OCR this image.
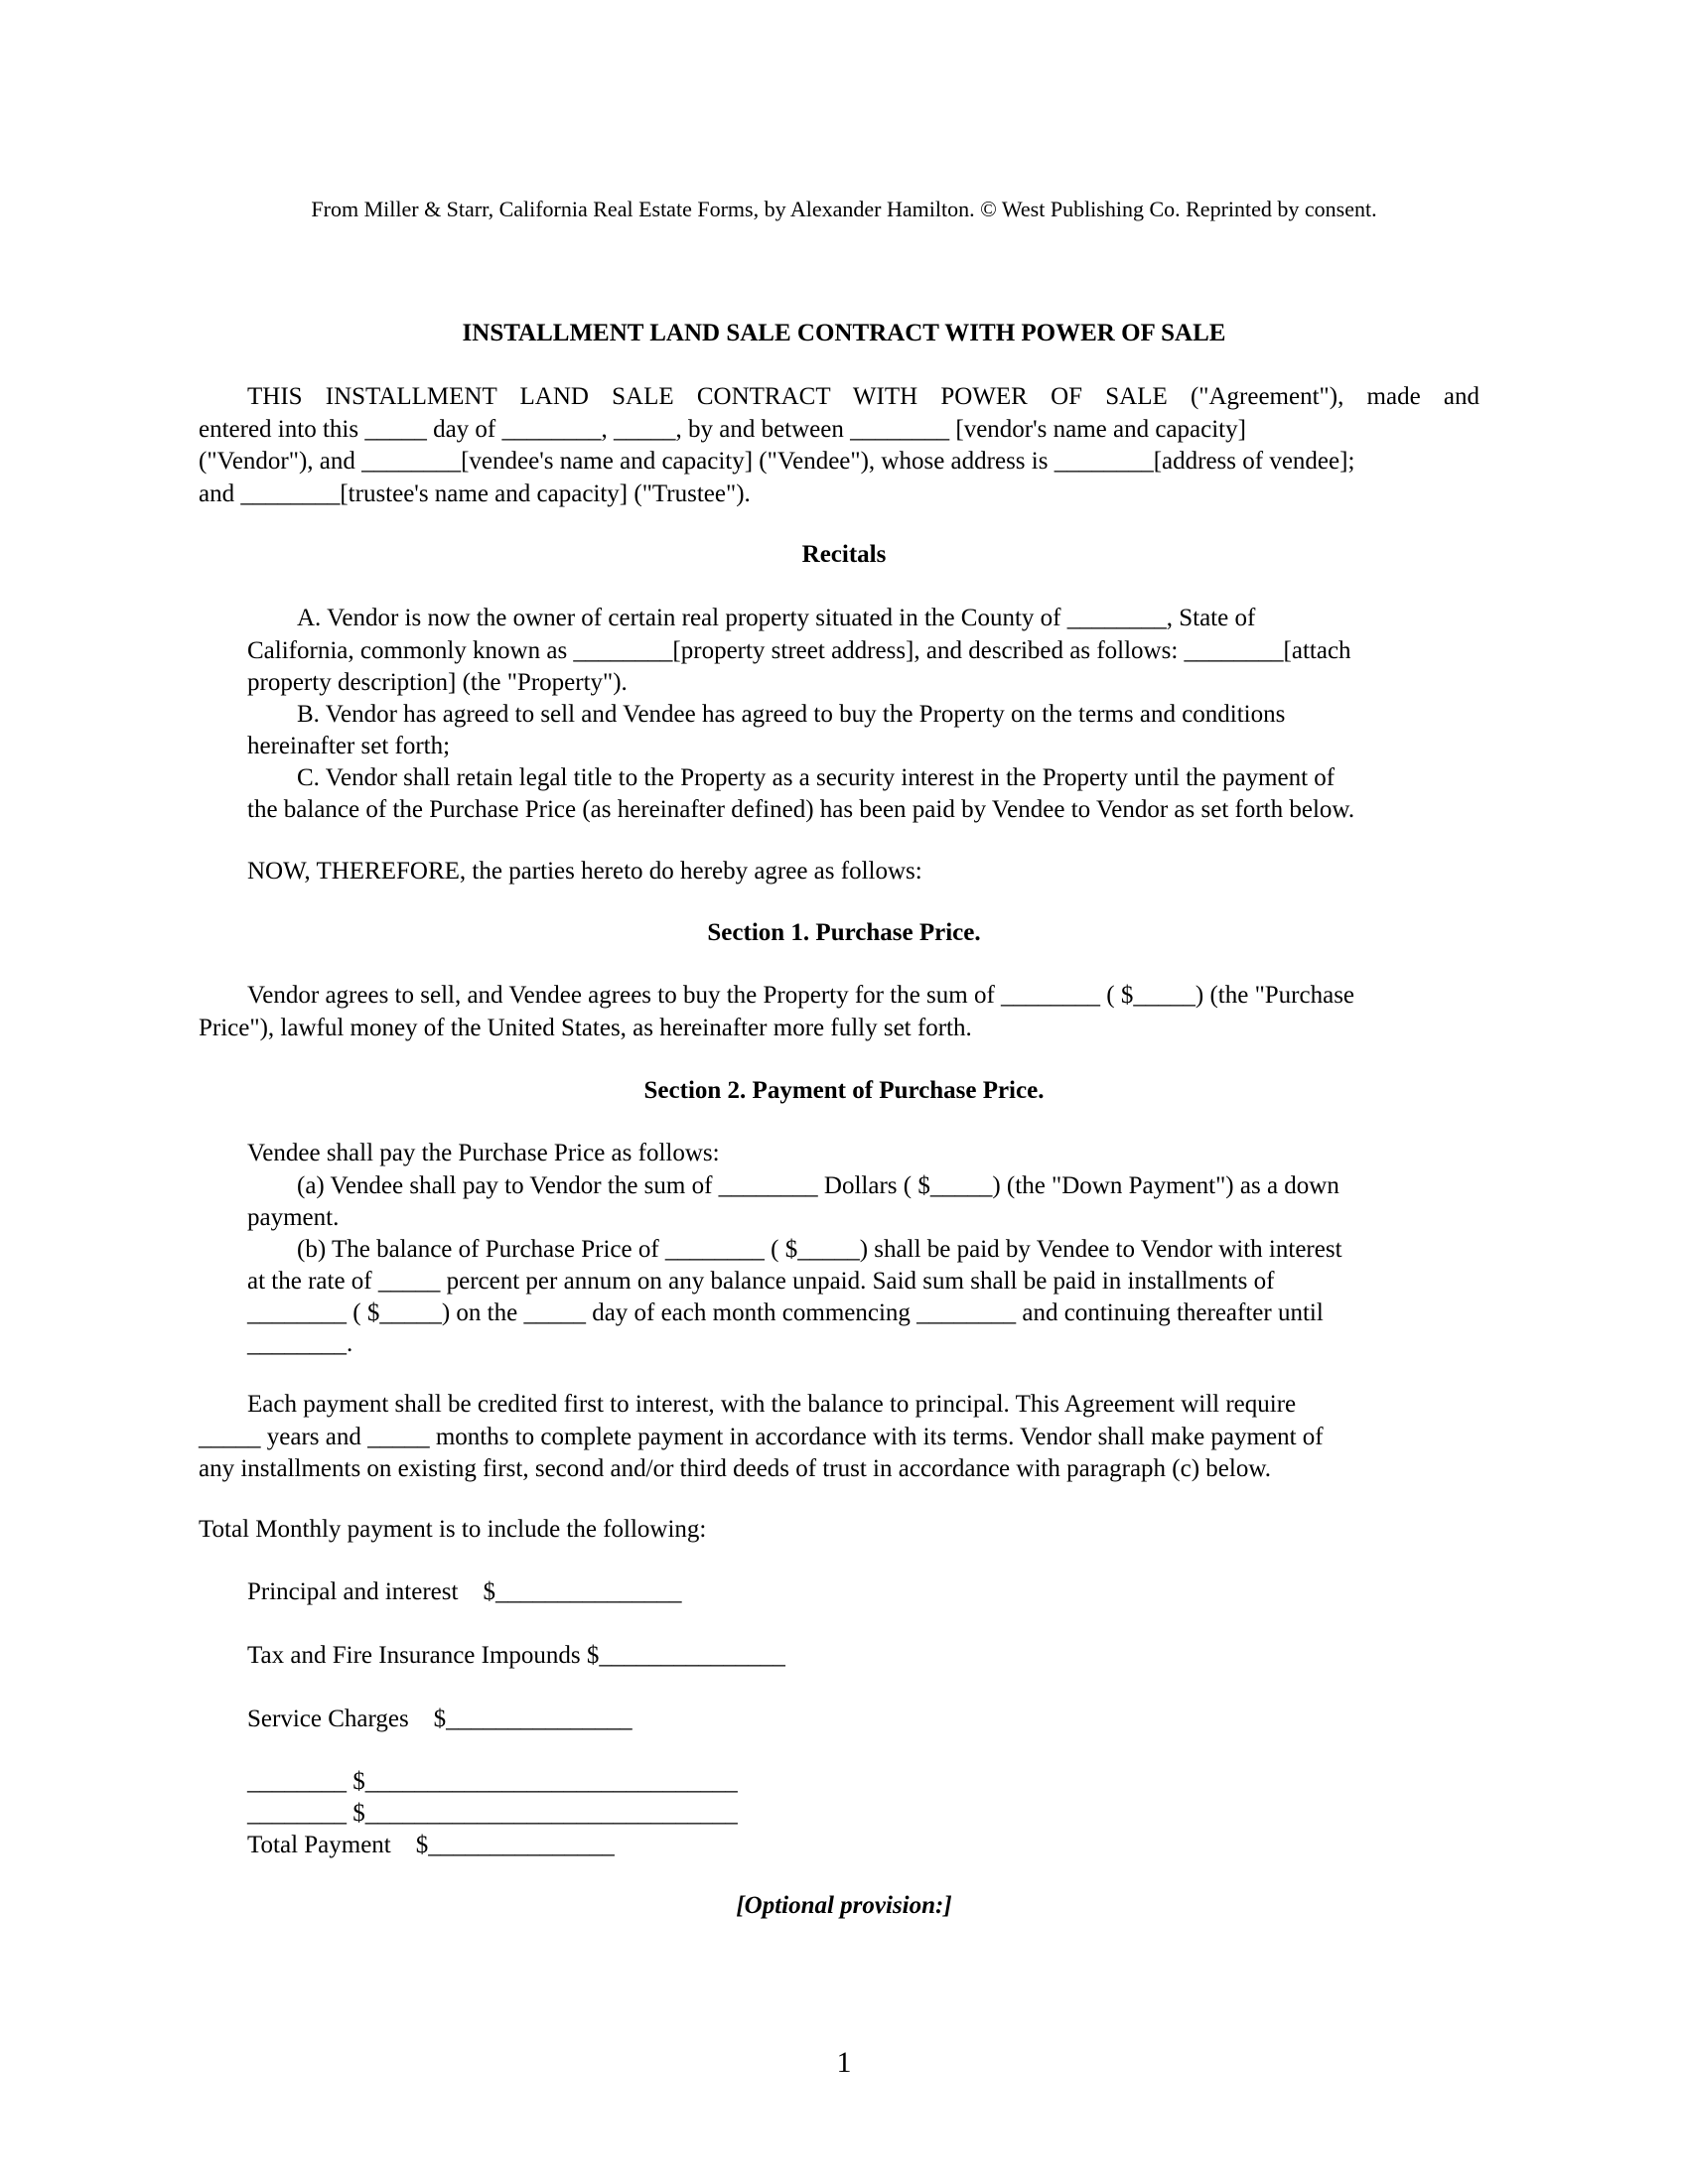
From Miller & Starr, California Real Estate Forms, by Alexander Hamilton. © West Publishing Co. Reprinted by consent.
INSTALLMENT LAND SALE CONTRACT WITH POWER OF SALE
THIS INSTALLMENT LAND SALE CONTRACT WITH POWER OF SALE ("Agreement"), made and
entered into this _____ day of ________, _____, by and between ________ [vendor's name and capacity]
("Vendor"), and ________[vendee's name and capacity] ("Vendee"), whose address is ________[address of vendee];
and ________[trustee's name and capacity] ("Trustee").
Recitals
A. Vendor is now the owner of certain real property situated in the County of ________, State of
California, commonly known as ________[property street address], and described as follows: ________[attach
property description] (the "Property").
B. Vendor has agreed to sell and Vendee has agreed to buy the Property on the terms and conditions
hereinafter set forth;
C. Vendor shall retain legal title to the Property as a security interest in the Property until the payment of
the balance of the Purchase Price (as hereinafter defined) has been paid by Vendee to Vendor as set forth below.
NOW, THEREFORE, the parties hereto do hereby agree as follows:
Section 1. Purchase Price.
Vendor agrees to sell, and Vendee agrees to buy the Property for the sum of ________ ( $_____) (the "Purchase
Price"), lawful money of the United States, as hereinafter more fully set forth.
Section 2. Payment of Purchase Price.
Vendee shall pay the Purchase Price as follows:
(a) Vendee shall pay to Vendor the sum of ________ Dollars ( $_____) (the "Down Payment") as a down
payment.
(b) The balance of Purchase Price of ________ ( $_____) shall be paid by Vendee to Vendor with interest
at the rate of _____ percent per annum on any balance unpaid. Said sum shall be paid in installments of
________ ( $_____) on the _____ day of each month commencing ________ and continuing thereafter until
________.
Each payment shall be credited first to interest, with the balance to principal. This Agreement will require
_____ years and _____ months to complete payment in accordance with its terms. Vendor shall make payment of
any installments on existing first, second and/or third deeds of trust in accordance with paragraph (c) below.
Total Monthly payment is to include the following:
Principal and interest    $_______________
Tax and Fire Insurance Impounds $_______________
Service Charges    $_______________
________ $______________________________
________ $______________________________
Total Payment    $_______________
[Optional provision:]
1
